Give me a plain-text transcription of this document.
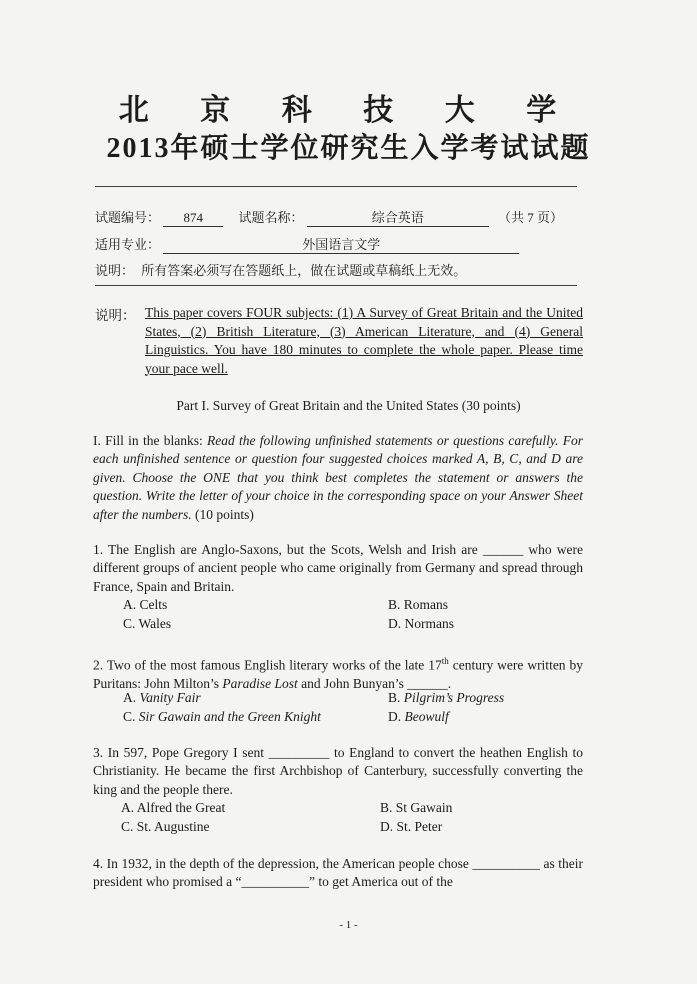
北 京 科 技 大 学
2013年硕士学位研究生入学考试试题
试题编号： 874	试题名称：	综合英语	（共 7 页）
适用专业：	外国语言文学
说明： 所有答案必须写在答题纸上，做在试题或草稿纸上无效。
说明： This paper covers FOUR subjects: (1) A Survey of Great Britain and the United States, (2) British Literature, (3) American Literature, and (4) General Linguistics. You have 180 minutes to complete the whole paper. Please time your pace well.
Part I. Survey of Great Britain and the United States (30 points)
I. Fill in the blanks: Read the following unfinished statements or questions carefully. For each unfinished sentence or question four suggested choices marked A, B, C, and D are given. Choose the ONE that you think best completes the statement or answers the question. Write the letter of your choice in the corresponding space on your Answer Sheet after the numbers. (10 points)
1. The English are Anglo-Saxons, but the Scots, Welsh and Irish are ______ who were different groups of ancient people who came originally from Germany and spread through France, Spain and Britain.
A. Celts	B. Romans
C. Wales	D. Normans
2. Two of the most famous English literary works of the late 17th century were written by Puritans: John Milton’s Paradise Lost and John Bunyan’s ______.
A. Vanity Fair	B. Pilgrim’s Progress
C. Sir Gawain and the Green Knight	D. Beowulf
3. In 597, Pope Gregory I sent _________ to England to convert the heathen English to Christianity. He became the first Archbishop of Canterbury, successfully converting the king and the people there.
A. Alfred the Great	B. St Gawain
C. St. Augustine	D. St. Peter
4. In 1932, in the depth of the depression, the American people chose __________ as their president who promised a “__________” to get America out of the
- 1 -
